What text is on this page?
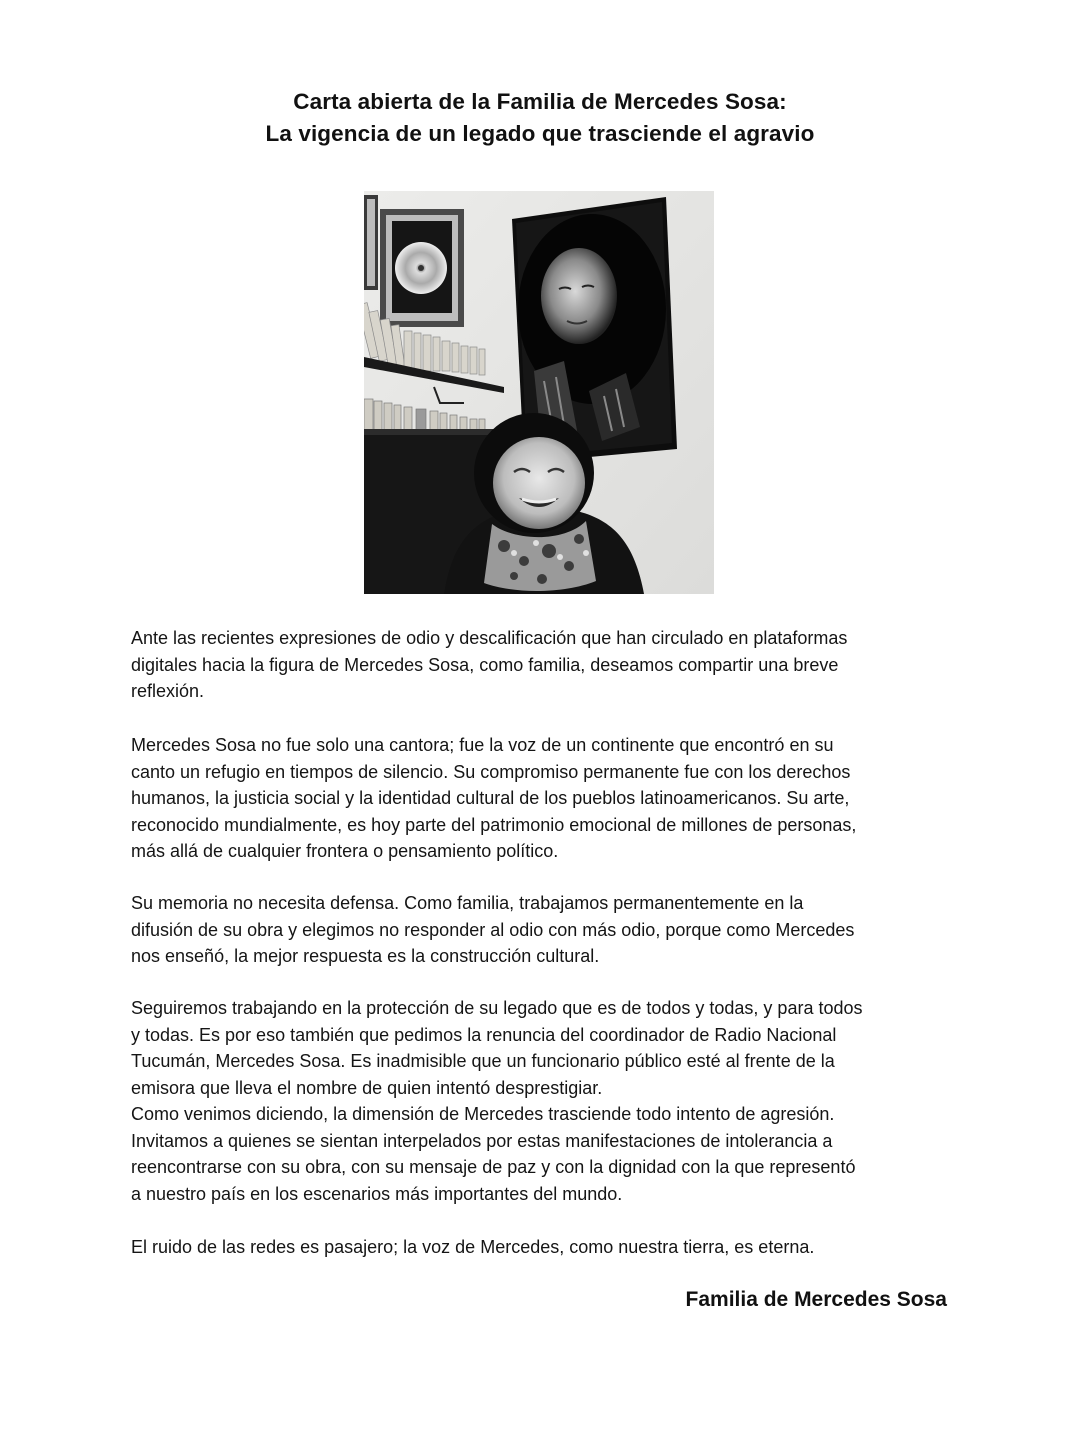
Carta abierta de la Familia de Mercedes Sosa:
La vigencia de un legado que trasciende el agravio

Ante las recientes expresiones de odio y descalificación que han circulado en plataformas

digitales hacia la figura de Mercedes Sosa, como familia, deseamos compartir una breve

reflexión.

Mercedes Sosa no fue solo una cantora; fue la voz de un continente que encontró en su

canto un refugio en tiempos de silencio. Su compromiso permanente fue con los derechos

humanos, la justicia social y la identidad cultural de los pueblos latinoamericanos. Su arte,

reconocido mundialmente, es hoy parte del patrimonio emocional de millones de personas,

más allá de cualquier frontera o pensamiento político.

Su memoria no necesita defensa. Como familia, trabajamos permanentemente en la

difusión de su obra y elegimos no responder al odio con más odio, porque como Mercedes

nos enseñó, la mejor respuesta es la construcción cultural.

Seguiremos trabajando en la protección de su legado que es de todos y todas, y para todos

y todas. Es por eso también que pedimos la renuncia del coordinador de Radio Nacional

Tucumán, Mercedes Sosa. Es inadmisible que un funcionario público esté al frente de la

emisora que lleva el nombre de quien intentó desprestigiar.

Como venimos diciendo, la dimensión de Mercedes trasciende todo intento de agresión.

Invitamos a quienes se sientan interpelados por estas manifestaciones de intolerancia a

reencontrarse con su obra, con su mensaje de paz y con la dignidad con la que representó

a nuestro país en los escenarios más importantes del mundo.

El ruido de las redes es pasajero; la voz de Mercedes, como nuestra tierra, es eterna.

Familia de Mercedes Sosa
